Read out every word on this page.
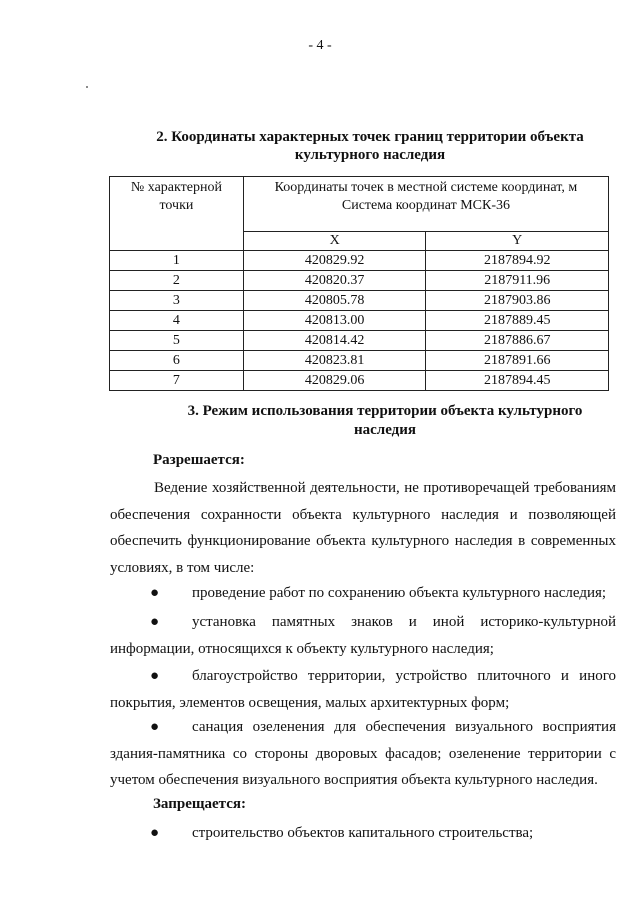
- 4 -
2. Координаты характерных точек границ территории объекта
культурного наследия
№ характерной точки	Координаты точек в местной системе координат, м
Система координат МСК-36	

	X	Y
1	420829.92	2187894.92
2	420820.37	2187911.96
3	420805.78	2187903.86
4	420813.00	2187889.45
5	420814.42	2187886.67
6	420823.81	2187891.66
7	420829.06	2187894.45
3. Режим использования территории объекта культурного
наследия
Разрешается:
Ведение хозяйственной деятельности, не противоречащей требованиям обеспечения сохранности объекта культурного наследия и позволяющей обеспечить функционирование объекта культурного наследия в современных условиях, в том числе:
●	проведение работ по сохранению объекта культурного наследия;
●	установка памятных знаков и иной историко-культурной информации, относящихся к объекту культурного наследия;
●	благоустройство территории, устройство плиточного и иного покрытия, элементов освещения, малых архитектурных форм;
●	санация озеленения для обеспечения визуального восприятия здания-памятника со стороны дворовых фасадов; озеленение территории с учетом обеспечения визуального восприятия объекта культурного наследия.
Запрещается:
●	строительство объектов капитального строительства;
